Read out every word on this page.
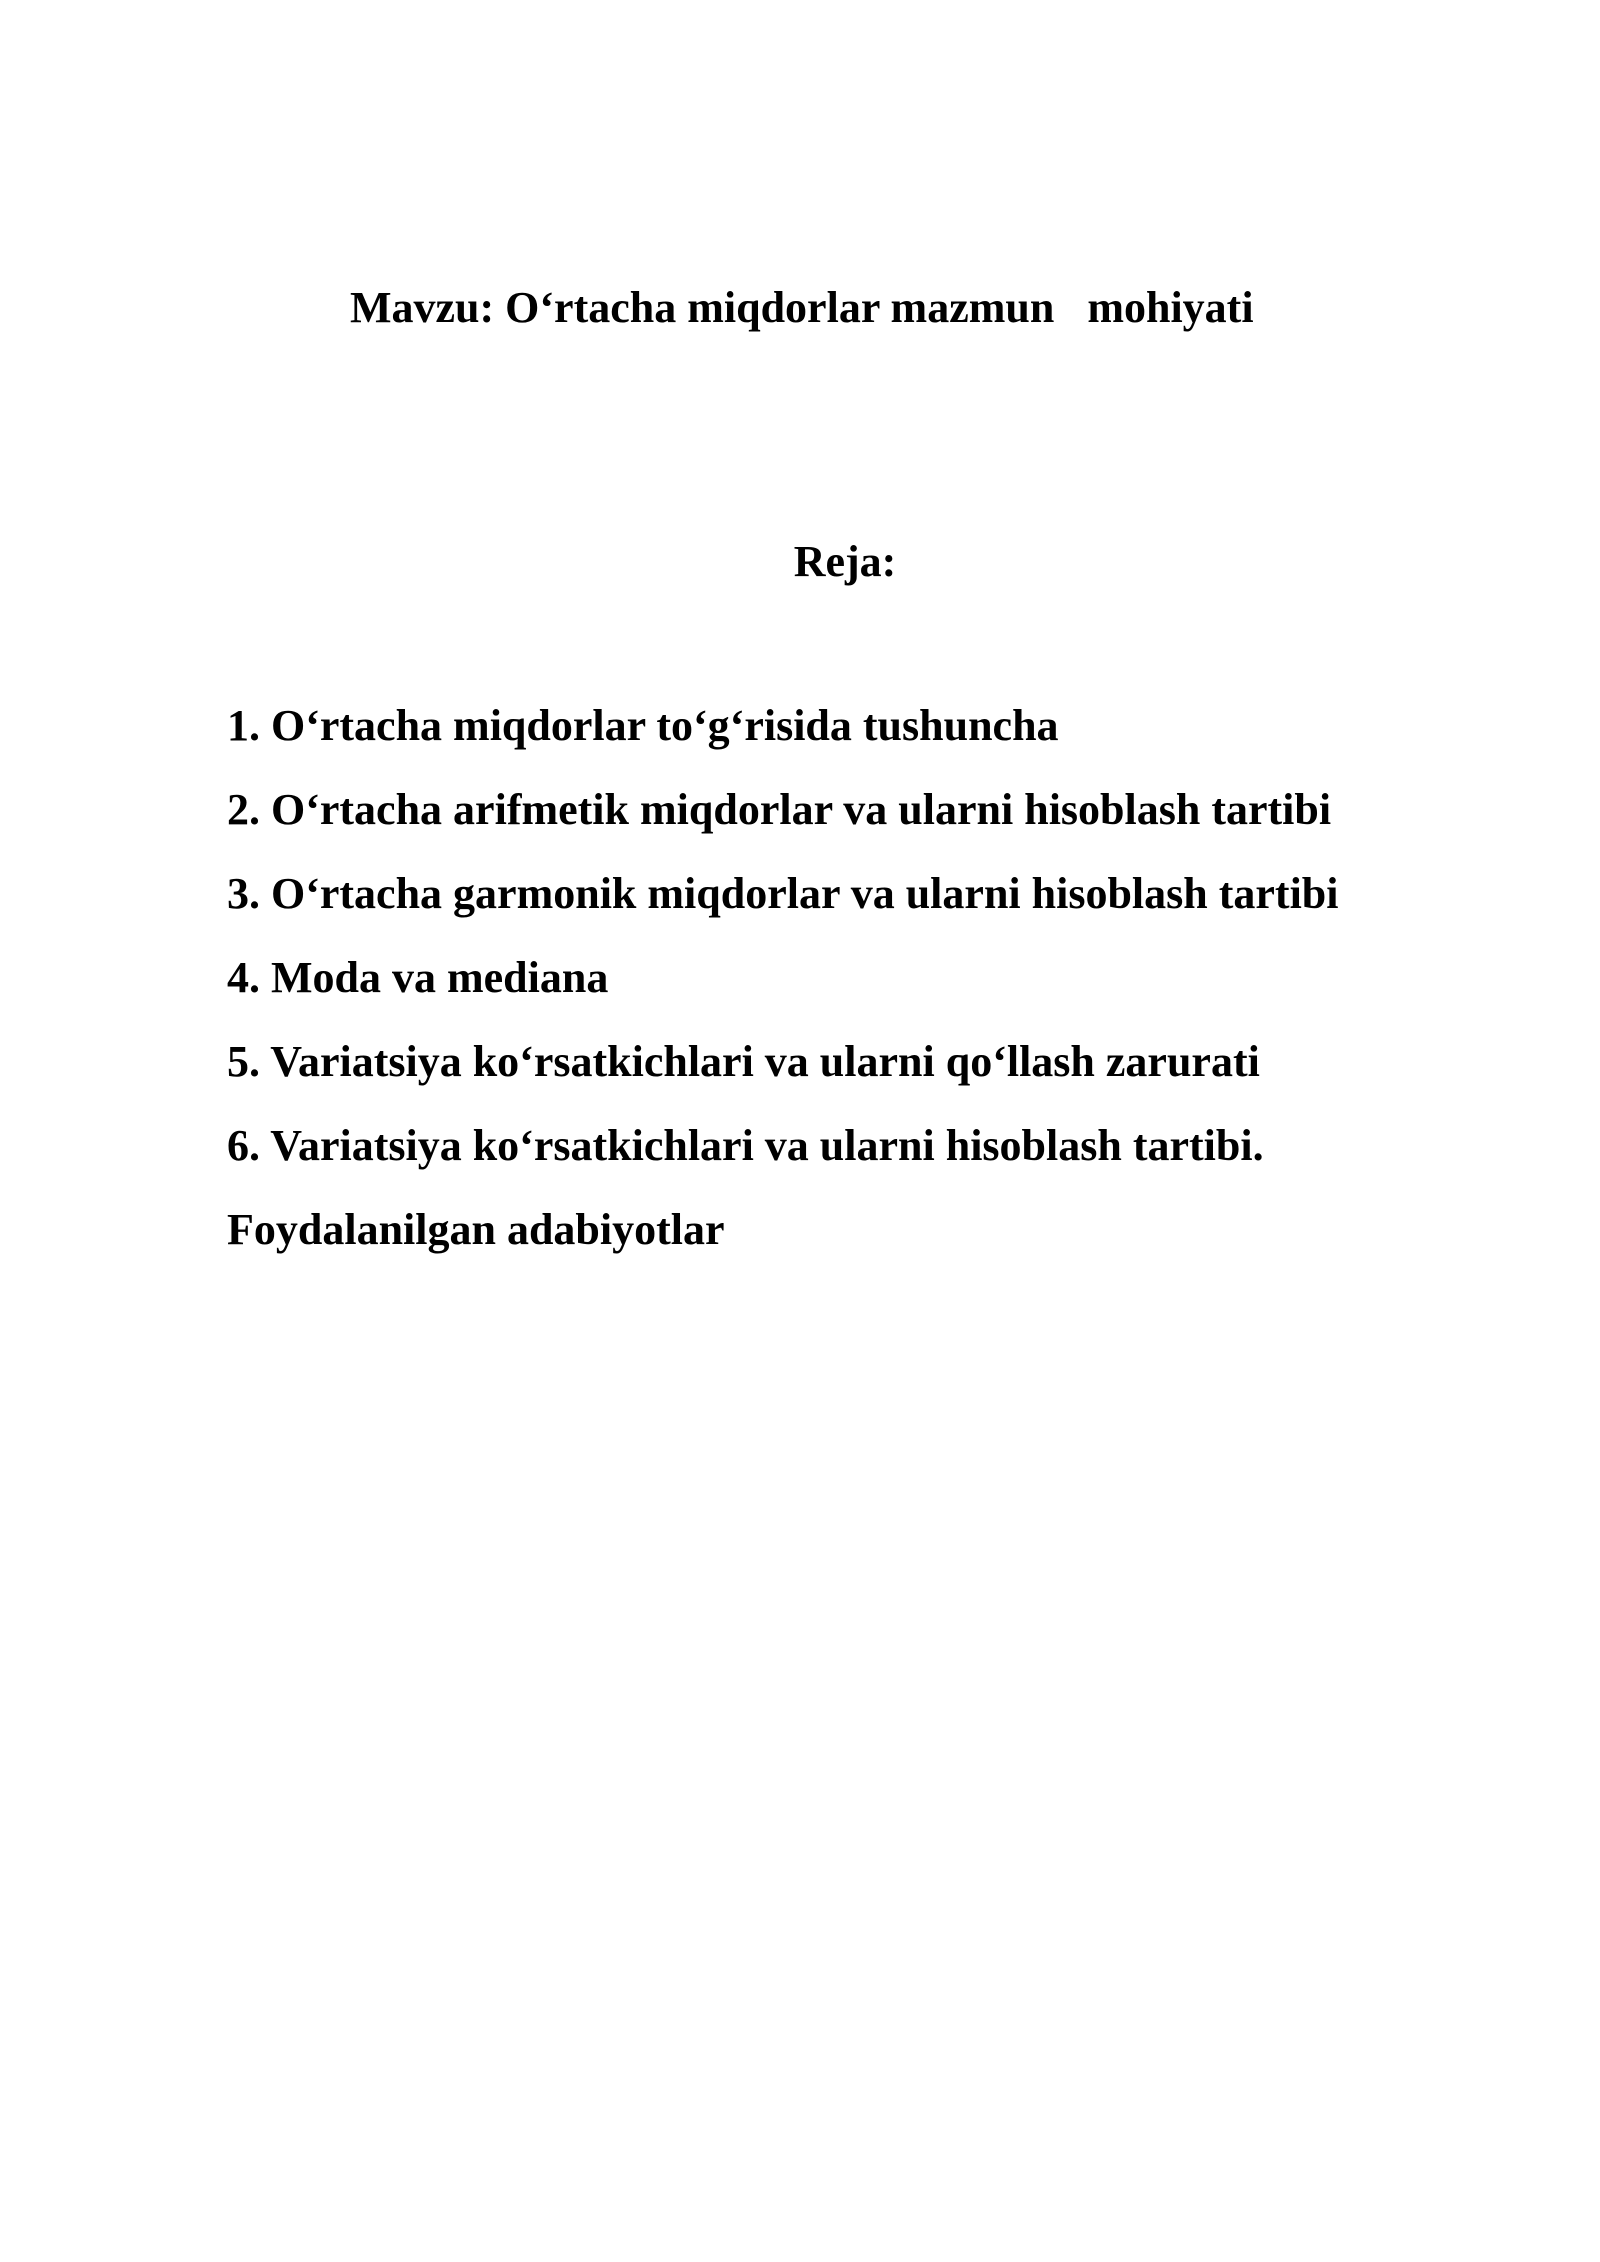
Mavzu: O‘rtacha miqdorlar mazmun   mohiyati
Reja:
1. O‘rtacha miqdorlar to‘g‘risida tushuncha
2. O‘rtacha arifmetik miqdorlar va ularni hisoblash tartibi
3. O‘rtacha garmonik miqdorlar va ularni hisoblash tartibi
4. Moda va mediana
5. Variatsiya ko‘rsatkichlari va ularni qo‘llash zarurati
6. Variatsiya ko‘rsatkichlari va ularni hisoblash tartibi.
Foydalanilgan adabiyotlar
